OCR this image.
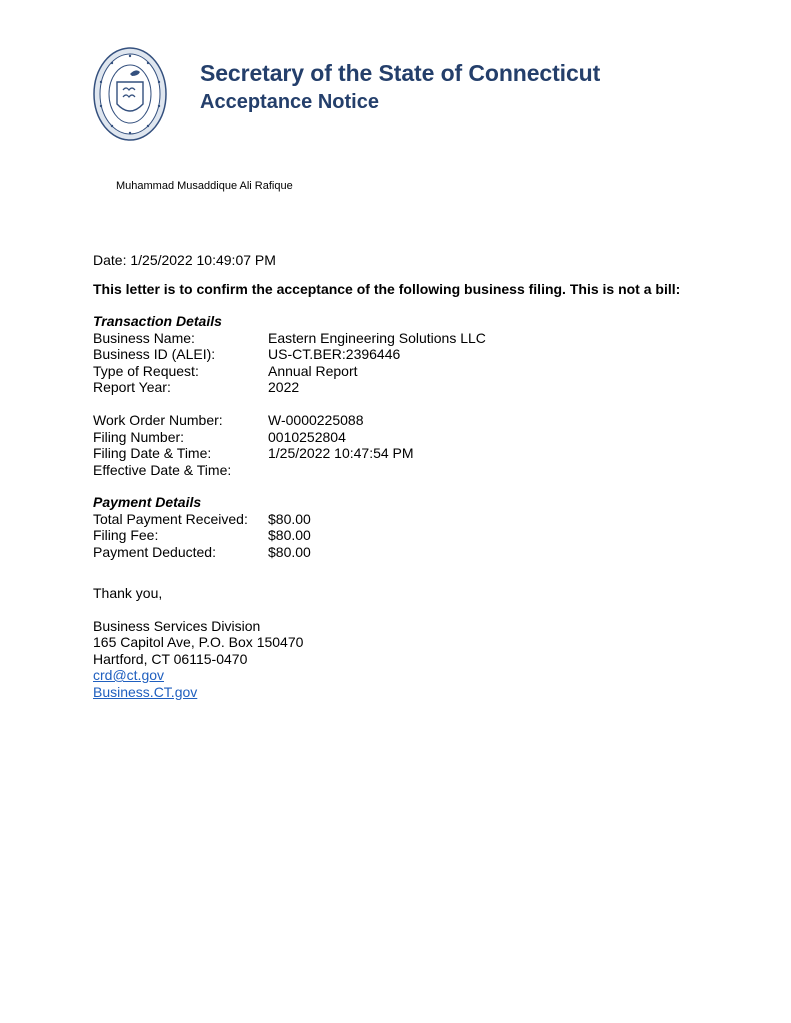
Secretary of the State of Connecticut
Acceptance Notice
Muhammad Musaddique Ali Rafique
Date: 1/25/2022 10:49:07 PM
This letter is to confirm the acceptance of the following business filing. This is not a bill:
Transaction Details
Business Name:	Eastern Engineering Solutions LLC
Business ID (ALEI):	US-CT.BER:2396446
Type of Request:	Annual Report
Report Year:	2022
Work Order Number:	W-0000225088
Filing Number:	0010252804
Filing Date & Time:	1/25/2022 10:47:54 PM
Effective Date & Time:
Payment Details
Total Payment Received:	$80.00
Filing Fee:	$80.00
Payment Deducted:	$80.00
Thank you,
Business Services Division
165 Capitol Ave, P.O. Box 150470
Hartford, CT 06115-0470
crd@ct.gov
Business.CT.gov
